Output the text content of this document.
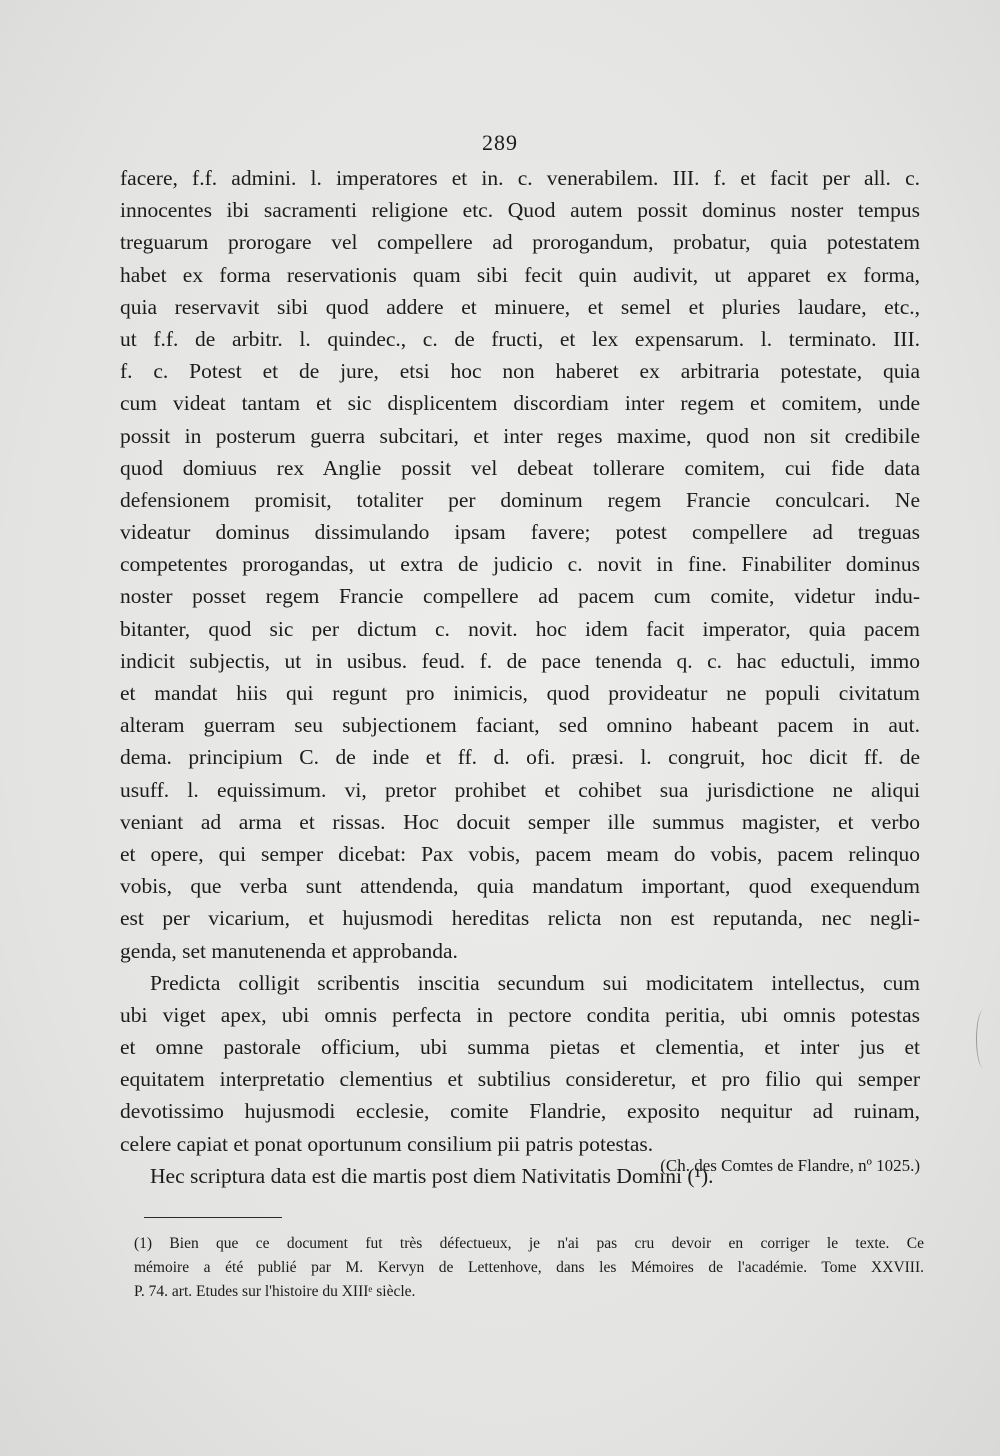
289
facere, f.f. admini. l. imperatores et in. c. venerabilem. III. f. et facit per all. c.
innocentes ibi sacramenti religione etc. Quod autem possit dominus noster tempus
treguarum prorogare vel compellere ad prorogandum, probatur, quia potestatem
habet ex forma reservationis quam sibi fecit quin audivit, ut apparet ex forma,
quia reservavit sibi quod addere et minuere, et semel et pluries laudare, etc.,
ut f.f. de arbitr. l. quindec., c. de fructi, et lex expensarum. l. terminato. III.
f. c. Potest et de jure, etsi hoc non haberet ex arbitraria potestate, quia
cum videat tantam et sic displicentem discordiam inter regem et comitem, unde
possit in posterum guerra subcitari, et inter reges maxime, quod non sit credibile
quod domiuus rex Anglie possit vel debeat tollerare comitem, cui fide data
defensionem promisit, totaliter per dominum regem Francie conculcari. Ne
videatur dominus dissimulando ipsam favere; potest compellere ad treguas
competentes prorogandas, ut extra de judicio c. novit in fine. Finabiliter dominus
noster posset regem Francie compellere ad pacem cum comite, videtur indu-
bitanter, quod sic per dictum c. novit. hoc idem facit imperator, quia pacem
indicit subjectis, ut in usibus. feud. f. de pace tenenda q. c. hac eductuli, immo
et mandat hiis qui regunt pro inimicis, quod provideatur ne populi civitatum
alteram guerram seu subjectionem faciant, sed omnino habeant pacem in aut.
dema. principium C. de inde et ff. d. ofi. præsi. l. congruit, hoc dicit ff. de
usuff. l. equissimum. vi, pretor prohibet et cohibet sua jurisdictione ne aliqui
veniant ad arma et rissas. Hoc docuit semper ille summus magister, et verbo
et opere, qui semper dicebat: Pax vobis, pacem meam do vobis, pacem relinquo
vobis, que verba sunt attendenda, quia mandatum important, quod exequendum
est per vicarium, et hujusmodi hereditas relicta non est reputanda, nec negli-
genda, set manutenenda et approbanda.
Predicta colligit scribentis inscitia secundum sui modicitatem intellectus, cum
ubi viget apex, ubi omnis perfecta in pectore condita peritia, ubi omnis potestas
et omne pastorale officium, ubi summa pietas et clementia, et inter jus et
equitatem interpretatio clementius et subtilius consideretur, et pro filio qui semper
devotissimo hujusmodi ecclesie, comite Flandrie, exposito nequitur ad ruinam,
celere capiat et ponat oportunum consilium pii patris potestas.
Hec scriptura data est die martis post diem Nativitatis Domini (¹).
(Ch. des Comtes de Flandre, nº 1025.)
(1) Bien que ce document fut très défectueux, je n'ai pas cru devoir en corriger le texte. Ce
mémoire a été publié par M. Kervyn de Lettenhove, dans les Mémoires de l'académie. Tome XXVIII.
P. 74. art. Etudes sur l'histoire du XIIIᵉ siècle.
